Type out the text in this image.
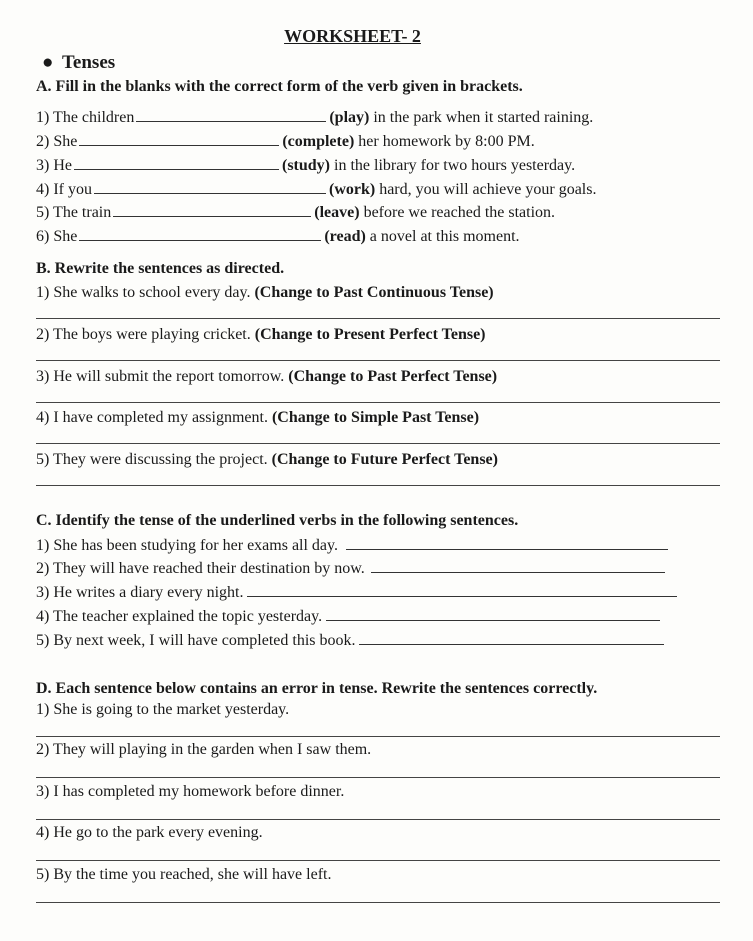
WORKSHEET- 2
● Tenses
A. Fill in the blanks with the correct form of the verb given in brackets.
1) The children	(play) in the park when it started raining.
2) She	(complete) her homework by 8:00 PM.
3) He	(study) in the library for two hours yesterday.
4) If you	(work) hard, you will achieve your goals.
5) The train	(leave) before we reached the station.
6) She	(read) a novel at this moment.
B. Rewrite the sentences as directed.
1) She walks to school every day. (Change to Past Continuous Tense)
2) The boys were playing cricket. (Change to Present Perfect Tense)
3) He will submit the report tomorrow. (Change to Past Perfect Tense)
4) I have completed my assignment. (Change to Simple Past Tense)
5) They were discussing the project. (Change to Future Perfect Tense)
C. Identify the tense of the underlined verbs in the following sentences.
1) She has been studying for her exams all day.
2) They will have reached their destination by now.
3) He writes a diary every night.
4) The teacher explained the topic yesterday.
5) By next week, I will have completed this book.
D. Each sentence below contains an error in tense. Rewrite the sentences correctly.
1) She is going to the market yesterday.
2) They will playing in the garden when I saw them.
3) I has completed my homework before dinner.
4) He go to the park every evening.
5) By the time you reached, she will have left.
